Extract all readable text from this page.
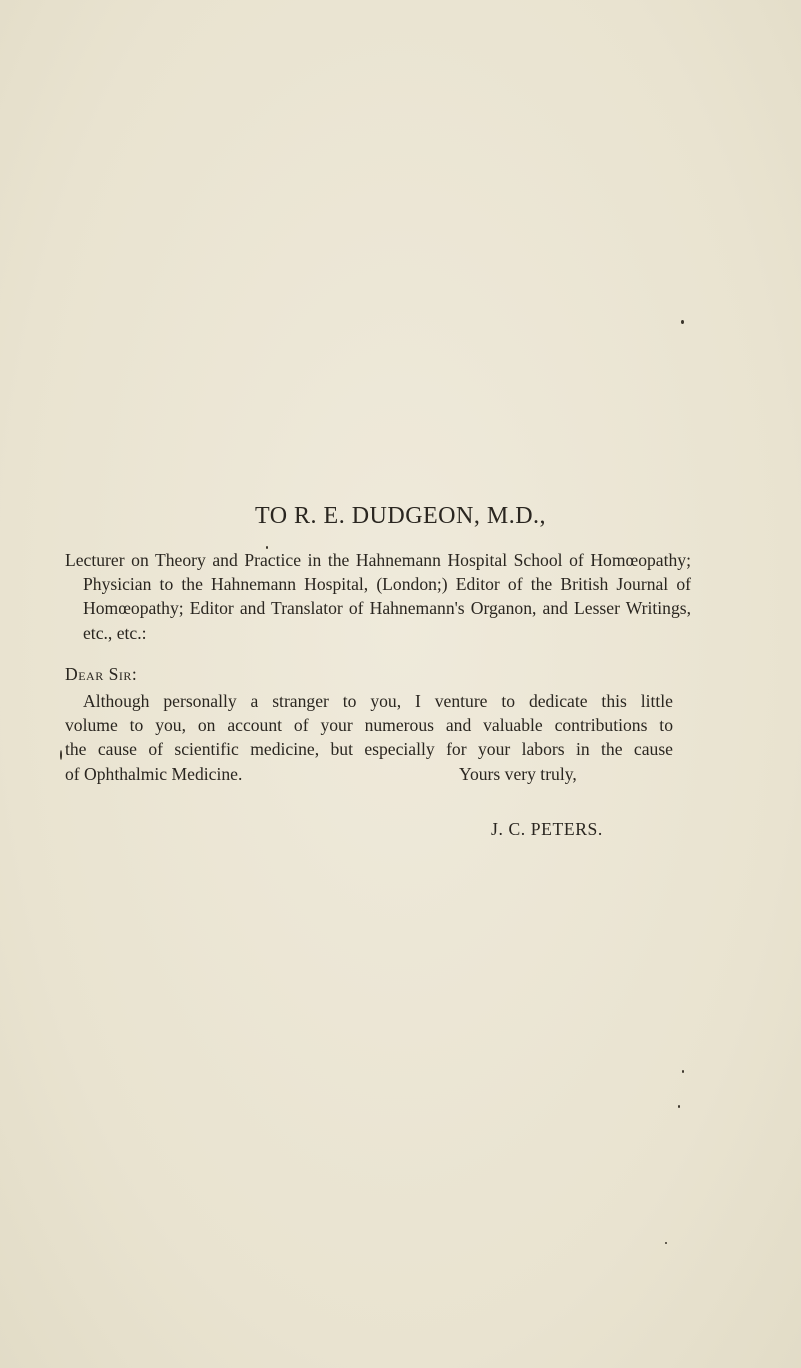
TO R. E. DUDGEON, M.D.,

Lecturer on Theory and Practice in the Hahnemann Hospital School of Homœopathy; Physician to the Hahnemann Hospital, (London;) Editor of the British Journal of Homœopathy; Editor and Translator of Hahnemann's Organon, and Lesser Writings, etc., etc.:

Dear Sir:

Although personally a stranger to you, I venture to dedicate this little
volume to you, on account of your numerous and valuable contributions to
the cause of scientific medicine, but especially for your labors in the cause
of Ophthalmic Medicine.	Yours very truly,

J. C. PETERS.
